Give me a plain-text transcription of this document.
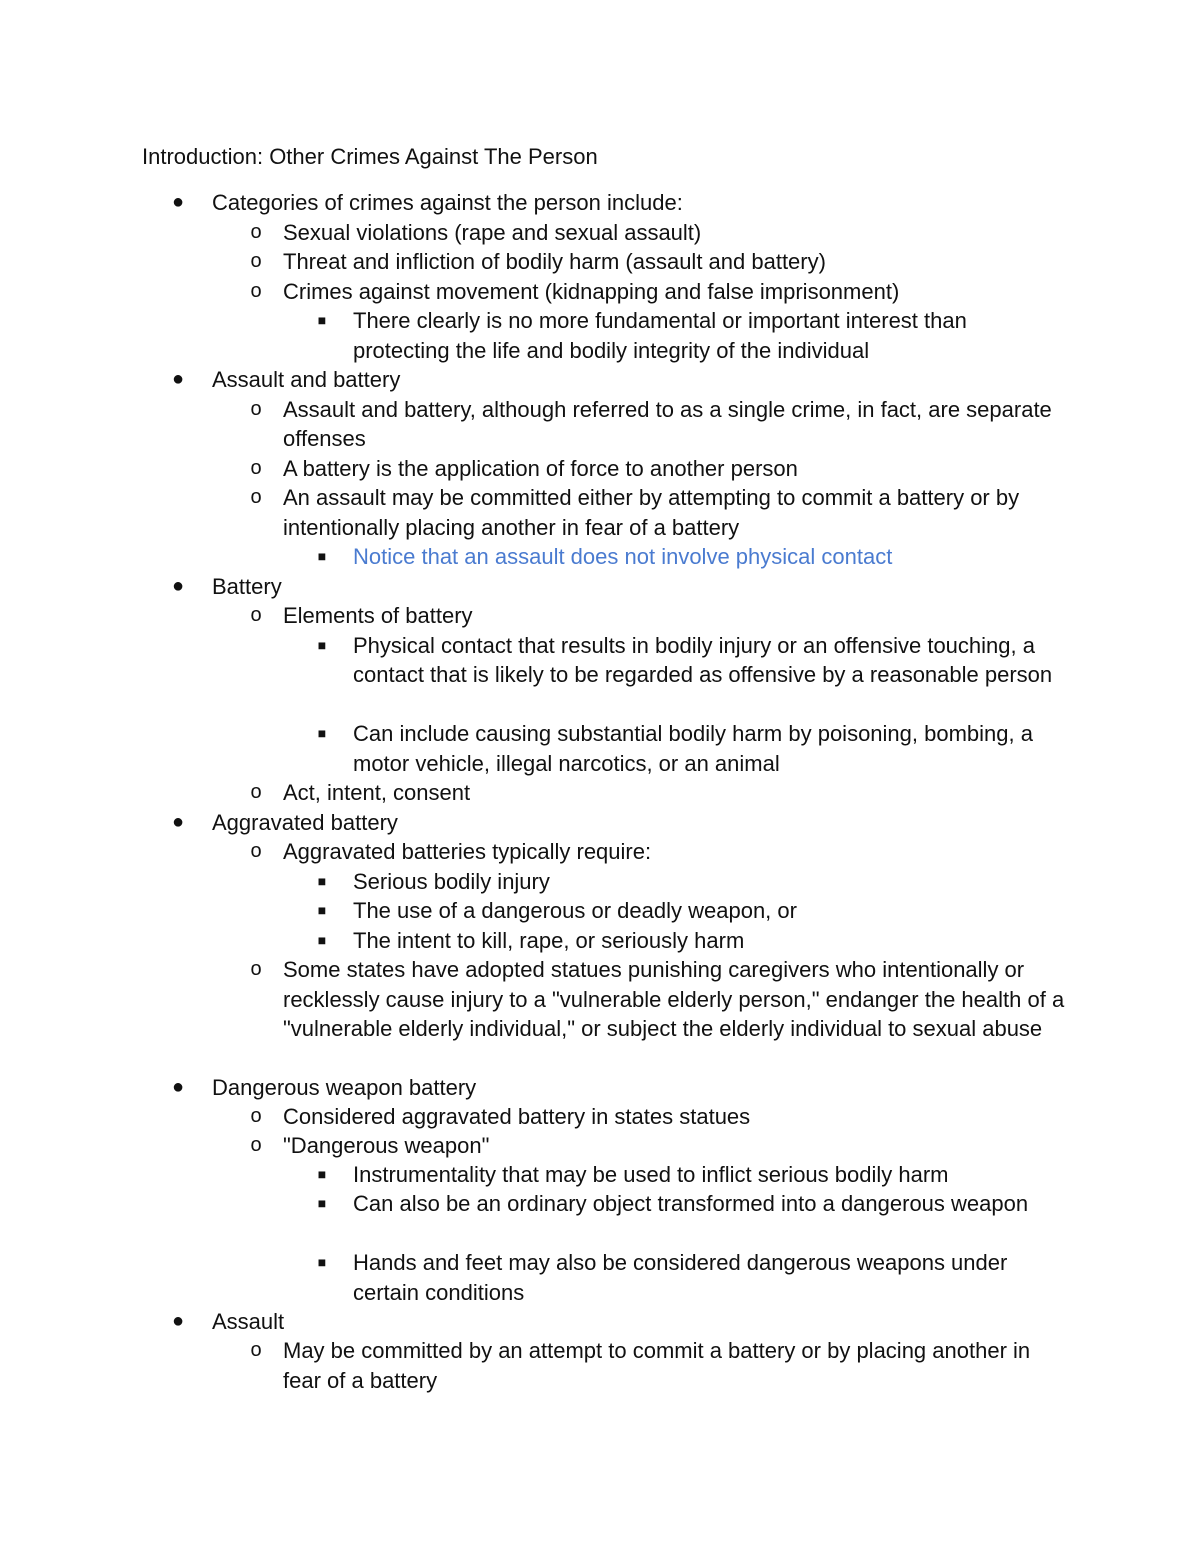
Introduction: Other Crimes Against The Person
● Categories of crimes against the person include:
o Sexual violations (rape and sexual assault)
o Threat and infliction of bodily harm (assault and battery)
o Crimes against movement (kidnapping and false imprisonment)
■ There clearly is no more fundamental or important interest than protecting the life and bodily integrity of the individual
● Assault and battery
o Assault and battery, although referred to as a single crime, in fact, are separate offenses
o A battery is the application of force to another person
o An assault may be committed either by attempting to commit a battery or by intentionally placing another in fear of a battery
■ Notice that an assault does not involve physical contact
● Battery
o Elements of battery
■ Physical contact that results in bodily injury or an offensive touching, a contact that is likely to be regarded as offensive by a reasonable person
■ Can include causing substantial bodily harm by poisoning, bombing, a motor vehicle, illegal narcotics, or an animal
o Act, intent, consent
● Aggravated battery
o Aggravated batteries typically require:
■ Serious bodily injury
■ The use of a dangerous or deadly weapon, or
■ The intent to kill, rape, or seriously harm
o Some states have adopted statues punishing caregivers who intentionally or recklessly cause injury to a "vulnerable elderly person," endanger the health of a "vulnerable elderly individual," or subject the elderly individual to sexual abuse
● Dangerous weapon battery
o Considered aggravated battery in states statues
o "Dangerous weapon"
■ Instrumentality that may be used to inflict serious bodily harm
■ Can also be an ordinary object transformed into a dangerous weapon
■ Hands and feet may also be considered dangerous weapons under certain conditions
● Assault
o May be committed by an attempt to commit a battery or by placing another in fear of a battery
